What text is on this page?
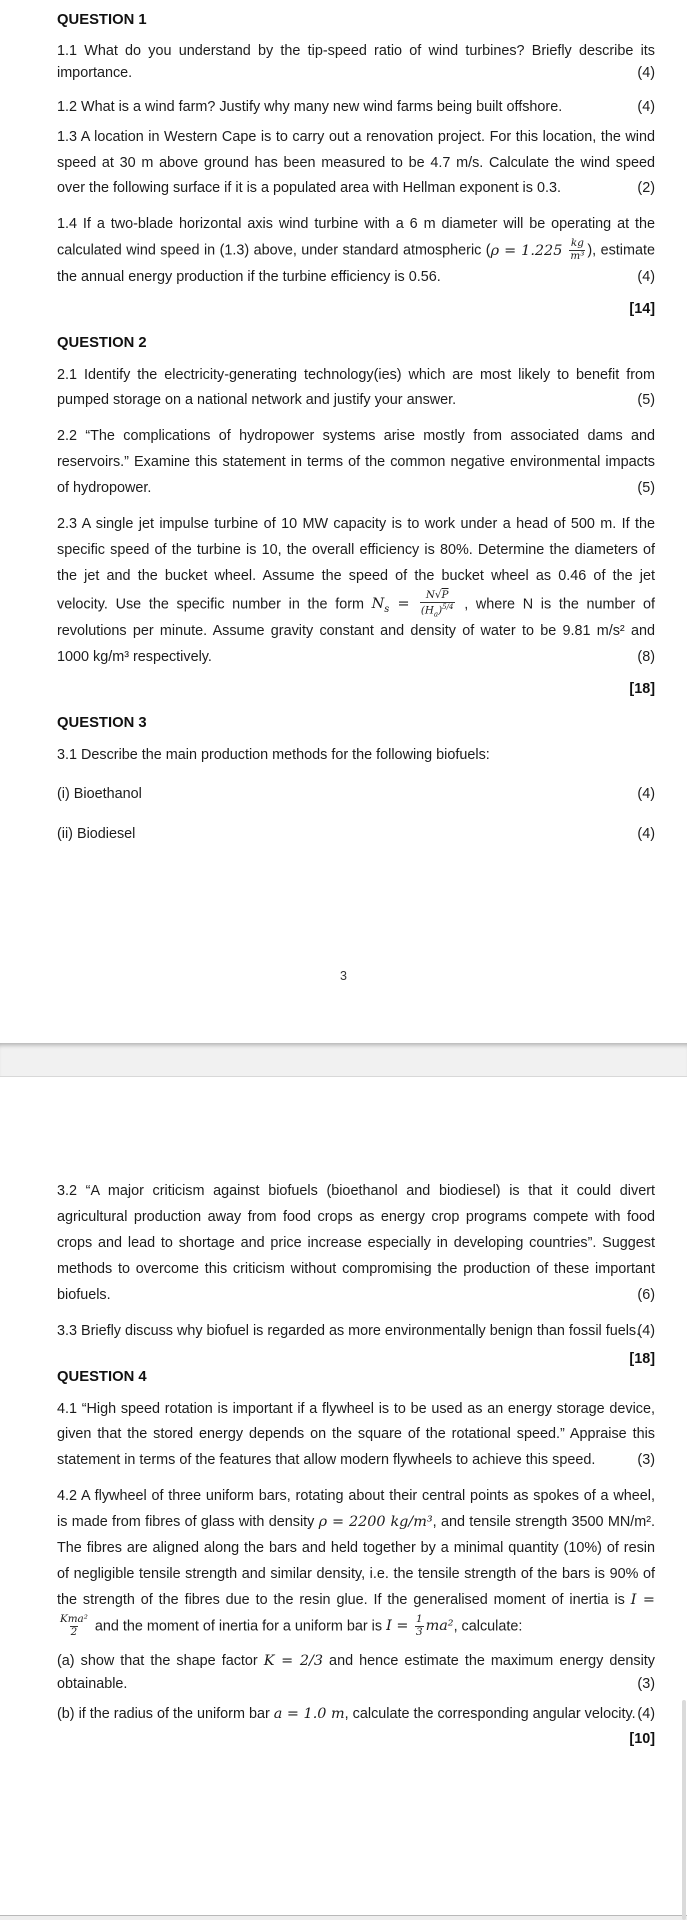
QUESTION 1

1.1 What do you understand by the tip-speed ratio of wind turbines? Briefly describe its importance.	(4)

1.2 What is a wind farm? Justify why many new wind farms being built offshore.	(4)

1.3 A location in Western Cape is to carry out a renovation project. For this location, the wind speed at 30 m above ground has been measured to be 4.7 m/s. Calculate the wind speed over the following surface if it is a populated area with Hellman exponent is 0.3.	(2)

1.4 If a two-blade horizontal axis wind turbine with a 6 m diameter will be operating at the calculated wind speed in (1.3) above, under standard atmospheric ($\rho = 1.225 \frac{kg}{\text{m³}}$ ), estimate the annual energy production if the turbine efficiency is 0.56.	(4)

[14]

QUESTION 2

2.1 Identify the electricity-generating technology(ies) which are most likely to benefit from pumped storage on a national network and justify your answer.	(5)

2.2 “The complications of hydropower systems arise mostly from associated dams and reservoirs.” Examine this statement in terms of the common negative environmental impacts of hydropower.	(5)

2.3 A single jet impulse turbine of 10 MW capacity is to work under a head of 500 m. If the specific speed of the turbine is 10, the overall efficiency is 80%. Determine the diameters of the jet and the bucket wheel. Assume the speed of the bucket wheel as 0.46 of the jet velocity. Use the specific number in the form $N_s = \frac{N√P}{(H_a)^{5/4}}$ , where N is the number of revolutions per minute. Assume gravity constant and density of water to be 9.81 m/s² and 1000 kg/m³ respectively.	(8)

[18]

QUESTION 3

3.1 Describe the main production methods for the following biofuels:

(i) Bioethanol	(4)

(ii) Biodiesel	(4)

3

3.2 “A major criticism against biofuels (bioethanol and biodiesel) is that it could divert agricultural production away from food crops as energy crop programs compete with food crops and lead to shortage and price increase especially in developing countries”. Suggest methods to overcome this criticism without compromising the production of these important biofuels.	(6)

3.3 Briefly discuss why biofuel is regarded as more environmentally benign than fossil fuels.
(4)

[18]

QUESTION 4

4.1 “High speed rotation is important if a flywheel is to be used as an energy storage device, given that the stored energy depends on the square of the rotational speed.” Appraise this statement in terms of the features that allow modern flywheels to achieve this speed.	(3)

4.2 A flywheel of three uniform bars, rotating about their central points as spokes of a wheel, is made from fibres of glass with density ρ = 2200 kg/m³, and tensile strength 3500 MN/m². The fibres are aligned along the bars and held together by a minimal quantity (10%) of resin of negligible tensile strength and similar density, i.e. the tensile strength of the bars is 90% of the strength of the fibres due to the resin glue. If the generalised moment of inertia is I =
$\frac{\text{Kma²}}{2}$ and the moment of inertia for a uniform bar is $I = \frac{1}{3} ma^2$, calculate:

(a) show that the shape factor K = 2/3 and hence estimate the maximum energy density obtainable.	(3)

(b) if the radius of the uniform bar a = 1.0 m, calculate the corresponding angular velocity. (4)

[10]
